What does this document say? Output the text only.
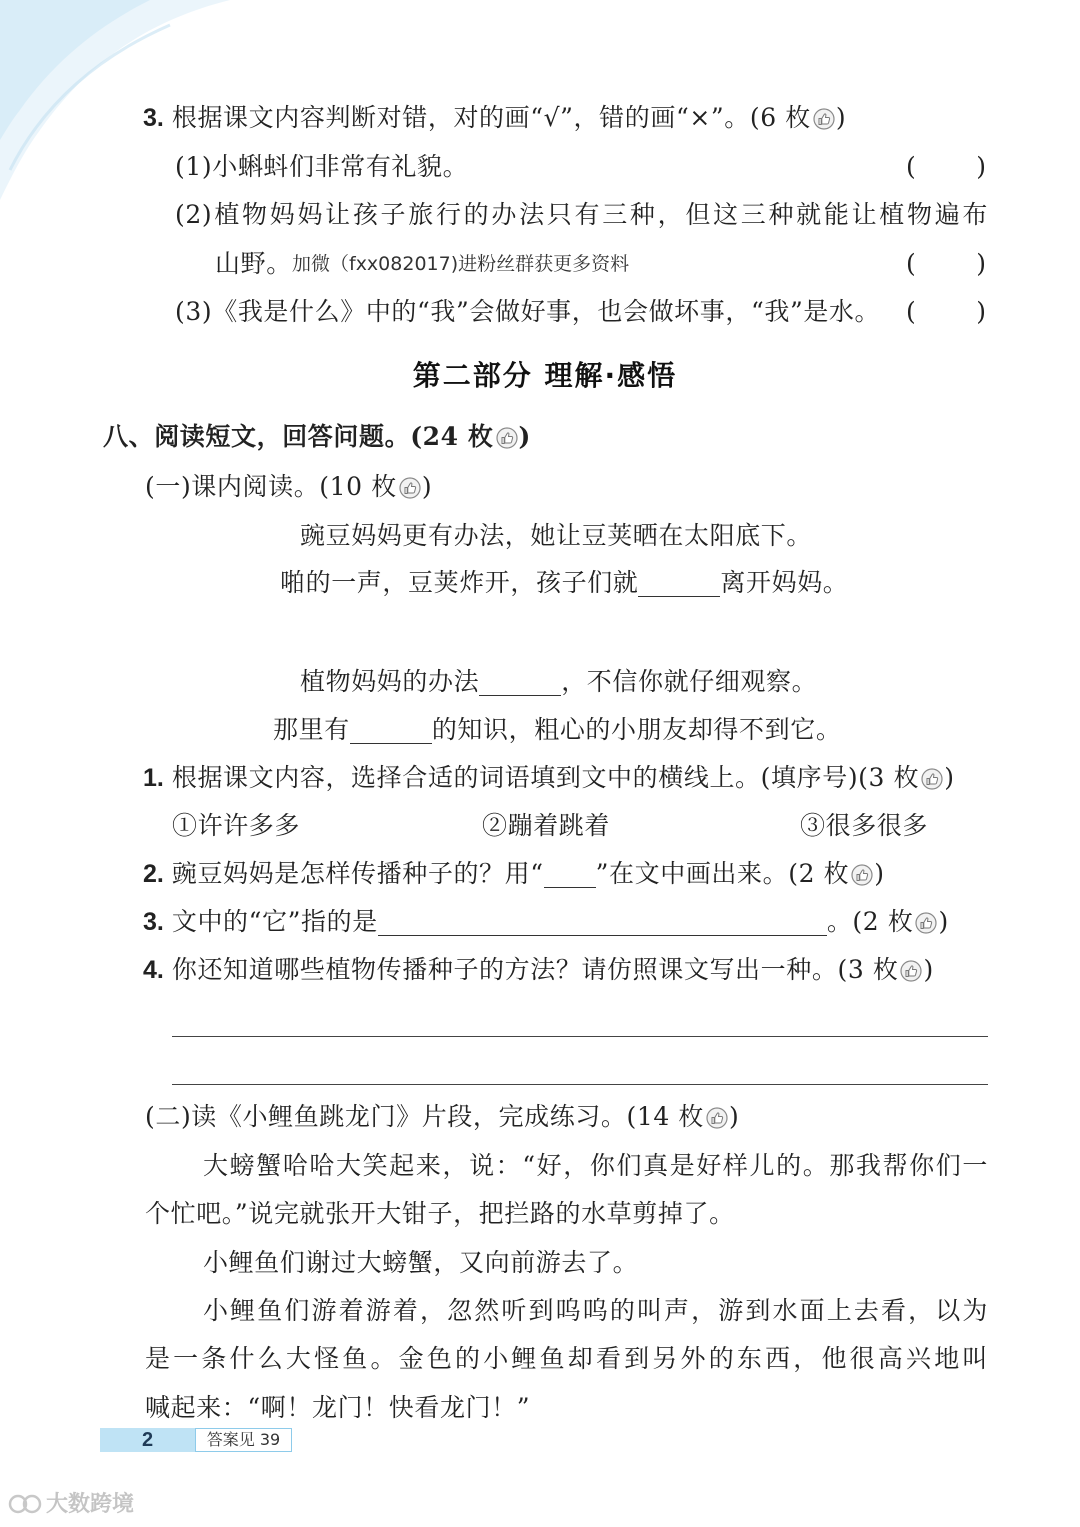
3. 根据课文内容判断对错，对的画“√”，错的画“×”。(6 枚 )
(1)小蝌蚪们非常有礼貌。	(　　)
(2)植物妈妈让孩子旅行的办法只有三种，但这三种就能让植物遍布
山野。 加微（fxx082017)进粉丝群获更多资料	(　　)
(3)《我是什么》中的“我”会做好事，也会做坏事，“我”是水。 (　　)
第二部分 理解·感悟
八、阅读短文，回答问题。(24 枚 )
(一)课内阅读。(10 枚 )
豌豆妈妈更有办法，她让豆荚晒在太阳底下。
啪的一声，豆荚炸开，孩子们就	离开妈妈。
植物妈妈的办法	，不信你就仔细观察。
那里有	的知识，粗心的小朋友却得不到它。
1. 根据课文内容，选择合适的词语填到文中的横线上。(填序号)(3 枚 )
①许许多多	②蹦着跳着	③很多很多
2. 豌豆妈妈是怎样传播种子的？用“ ”在文中画出来。(2 枚 )
3. 文中的“它”指的是	。(2 枚 )
4. 你还知道哪些植物传播种子的方法？请仿照课文写出一种。(3 枚 )
(二)读《小鲤鱼跳龙门》片段，完成练习。(14 枚 )
大螃蟹哈哈大笑起来，说：“好，你们真是好样儿的。那我帮你们一
个忙吧。”说完就张开大钳子，把拦路的水草剪掉了。
小鲤鱼们谢过大螃蟹，又向前游去了。
小鲤鱼们游着游着，忽然听到呜呜的叫声，游到水面上去看，以为
是一条什么大怪鱼。金色的小鲤鱼却看到另外的东西，他很高兴地叫
喊起来：“啊！龙门！快看龙门！”
2	答案见 39
大数跨境
